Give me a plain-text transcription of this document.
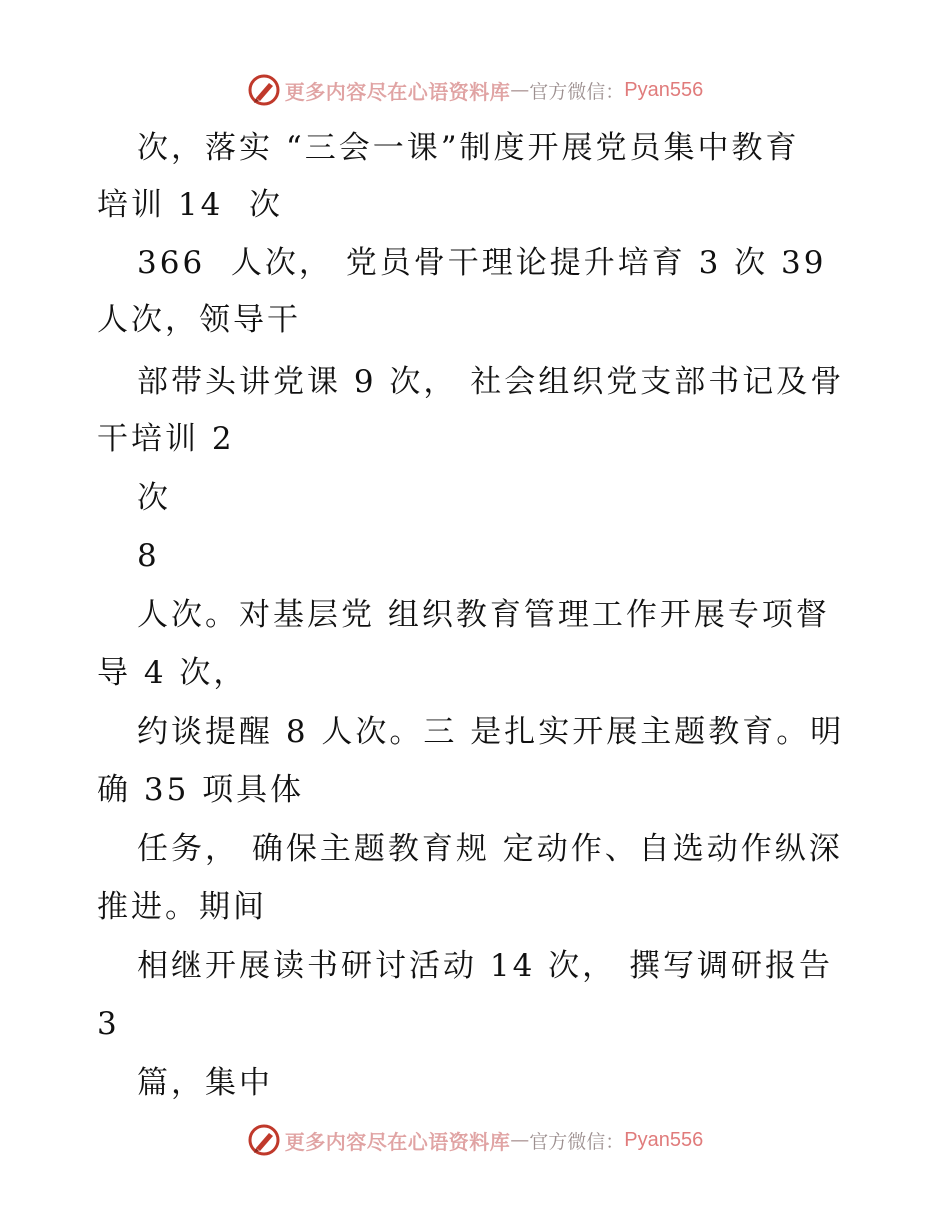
更多内容尽在心语资料库 — 官方微信： Pyan556
次，落实 “三会一课”制度开展党员集中教育
培训 14  次
366  人次， 党员骨干理论提升培育 3 次 39
人次，领导干
部带头讲党课 9 次， 社会组织党支部书记及骨
干培训 2
次
8
人次。对基层党 组织教育管理工作开展专项督
导 4 次，
约谈提醒 8 人次。三 是扎实开展主题教育。明
确 35 项具体
任务， 确保主题教育规 定动作、自选动作纵深
推进。期间
相继开展读书研讨活动 14 次， 撰写调研报告
3
篇，集中
更多内容尽在心语资料库 — 官方微信： Pyan556
